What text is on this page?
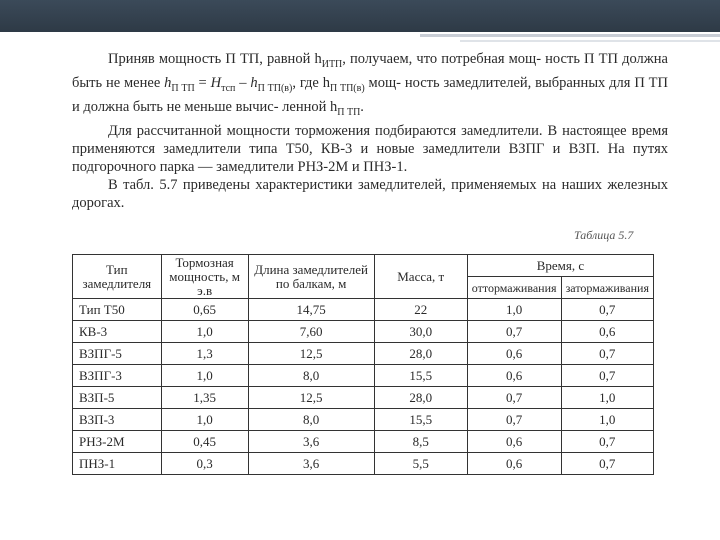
Приняв мощность П ТП, равной $h_{ИТП}$, получаем, что потребная мощ- ность П ТП должна быть не менее $h_{П ТП} = H_{тсп} - h_{П ТП(в)}$, где $h_{П ТП(в)}$ мощ- ность замедлителей, выбранных для П ТП и должна быть не меньше вычис- ленной $h_{П ТП}$.

Для рассчитанной мощности торможения подбираются замедлители. В настоящее время применяются замедлители типа Т50, КВ-3 и новые замедлители ВЗПГ и ВЗП. На путях подгорочного парка — замедлители РНЗ-2М и ПНЗ-1.

В табл. 5.7 приведены характеристики замедлителей, применяемых на наших железных дорогах.

Таблица 5.7
Тип замедлителя	Тормозная мощность, м э.в	Длина замедлителей по балкам, м	Масса, т	Время, с	
				оттормаживания	затормаживания
Тип Т50	0,65	14,75	22	1,0	0,7
КВ-3	1,0	7,60	30,0	0,7	0,6
ВЗПГ-5	1,3	12,5	28,0	0,6	0,7
ВЗПГ-3	1,0	8,0	15,5	0,6	0,7
ВЗП-5	1,35	12,5	28,0	0,7	1,0
ВЗП-3	1,0	8,0	15,5	0,7	1,0
РНЗ-2М	0,45	3,6	8,5	0,6	0,7
ПНЗ-1	0,3	3,6	5,5	0,6	0,7
